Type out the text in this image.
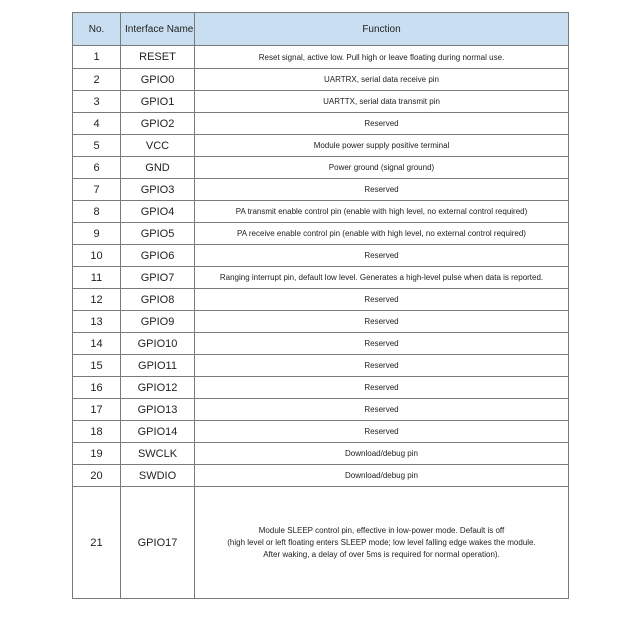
No.	Interface Name	Function
1	RESET	Reset signal, active low. Pull high or leave floating during normal use.
2	GPIO0	UARTRX, serial data receive pin
3	GPIO1	UARTTX, serial data transmit pin
4	GPIO2	Reserved
5	VCC	Module power supply positive terminal
6	GND	Power ground (signal ground)
7	GPIO3	Reserved
8	GPIO4	PA transmit enable control pin (enable with high level, no external control required)
9	GPIO5	PA receive enable control pin (enable with high level, no external control required)
10	GPIO6	Reserved
11	GPIO7	Ranging interrupt pin, default low level. Generates a high-level pulse when data is reported.
12	GPIO8	Reserved
13	GPIO9	Reserved
14	GPIO10	Reserved
15	GPIO11	Reserved
16	GPIO12	Reserved
17	GPIO13	Reserved
18	GPIO14	Reserved
19	SWCLK	Download/debug pin
20	SWDIO	Download/debug pin
21	GPIO17	Module SLEEP control pin, effective in low-power mode. Default is off
(high level or left floating enters SLEEP mode; low level falling edge wakes the module.
After waking, a delay of over 5ms is required for normal operation).
